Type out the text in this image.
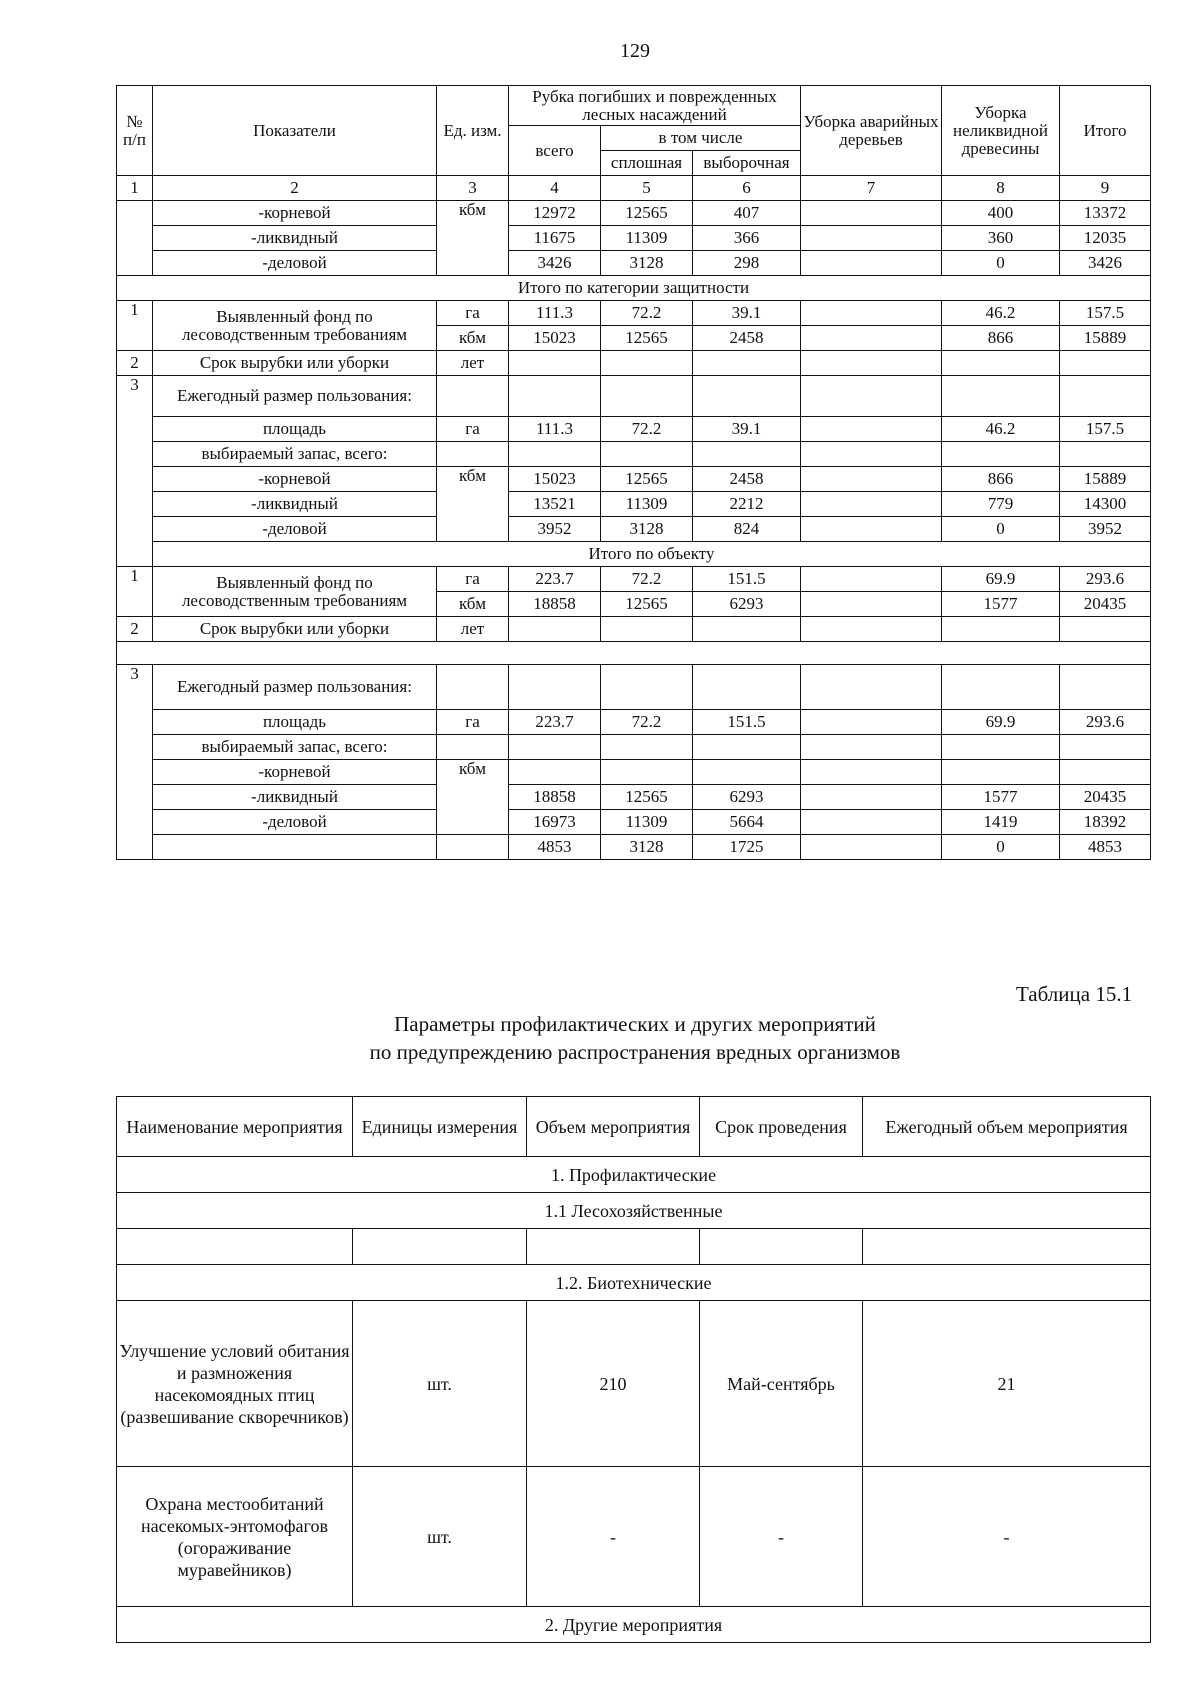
129
№ п/п	Показатели	Ед. изм.	Рубка погибших и поврежденных лесных насаждений			Уборка аварийных деревьев	Уборка неликвидной древесины	Итого

			всего	в том числе				
				сплошная	выборочная			
1	2	3	4	5	6	7	8	9
	-корневой	кбм	12972	12565	407		400	13372
	-ликвидный		11675	11309	366		360	12035
	-деловой		3426	3128	298		0	3426
Итого по категории защитности								
1	Выявленный фонд по лесоводственным требованиям	га	111.3	72.2	39.1		46.2	157.5
		кбм	15023	12565	2458		866	15889
2	Срок вырубки или уборки	лет						
3	Ежегодный размер пользования:							
	площадь	га	111.3	72.2	39.1		46.2	157.5
	выбираемый запас, всего:							
	-корневой	кбм	15023	12565	2458		866	15889
	-ликвидный		13521	11309	2212		779	14300
	-деловой		3952	3128	824		0	3952
	Итого по объекту							
1	Выявленный фонд по лесоводственным требованиям	га	223.7	72.2	151.5		69.9	293.6
		кбм	18858	12565	6293		1577	20435
2	Срок вырубки или уборки	лет						

3	Ежегодный размер пользования:							
	площадь	га	223.7	72.2	151.5		69.9	293.6
	выбираемый запас, всего:							
	-корневой	кбм						
	-ликвидный		18858	12565	6293		1577	20435
	-деловой		16973	11309	5664		1419	18392
			4853	3128	1725		0	4853
Таблица 15.1
Параметры профилактических и других мероприятий
по предупреждению распространения вредных организмов
Наименование мероприятия	Единицы измерения	Объем мероприятия	Срок проведения	Ежегодный объем мероприятия
1. Профилактические				
1.1 Лесохозяйственные				

1.2. Биотехнические				
Улучшение условий обитания и размножения насекомоядных птиц (развешивание скворечников)	шт.	210	Май-сентябрь	21
Охрана местообитаний насекомых-энтомофагов (огораживание муравейников)	шт.	-	-	-
2. Другие мероприятия				
